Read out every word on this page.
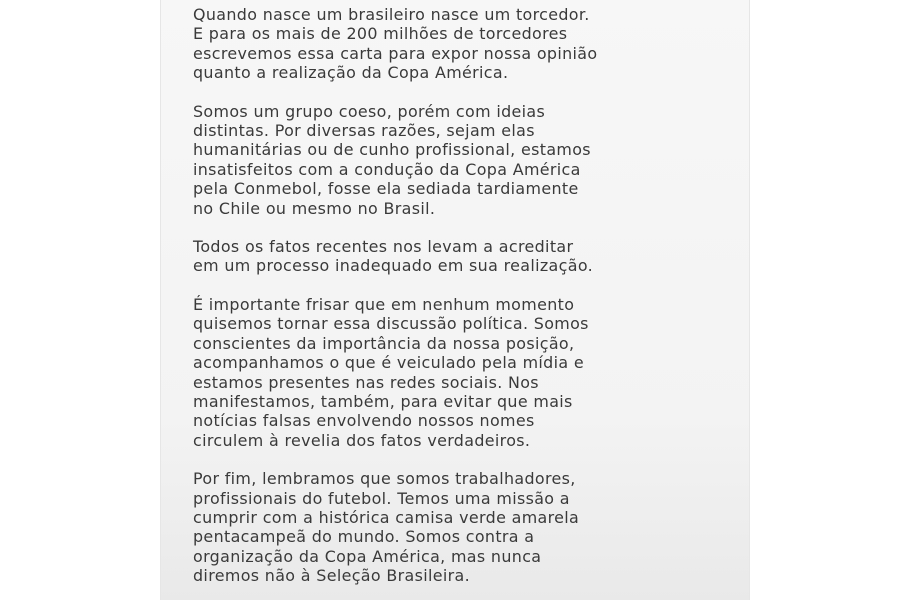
Quando nasce um brasileiro nasce um torcedor.
E para os mais de 200 milhões de torcedores
escrevemos essa carta para expor nossa opinião
quanto a realização da Copa América.

Somos um grupo coeso, porém com ideias
distintas. Por diversas razões, sejam elas
humanitárias ou de cunho profissional, estamos
insatisfeitos com a condução da Copa América
pela Conmebol, fosse ela sediada tardiamente
no Chile ou mesmo no Brasil.

Todos os fatos recentes nos levam a acreditar
em um processo inadequado em sua realização.

É importante frisar que em nenhum momento
quisemos tornar essa discussão política. Somos
conscientes da importância da nossa posição,
acompanhamos o que é veiculado pela mídia e
estamos presentes nas redes sociais. Nos
manifestamos, também, para evitar que mais
notícias falsas envolvendo nossos nomes
circulem à revelia dos fatos verdadeiros.

Por fim, lembramos que somos trabalhadores,
profissionais do futebol. Temos uma missão a
cumprir com a histórica camisa verde amarela
pentacampeã do mundo. Somos contra a
organização da Copa América, mas nunca
diremos não à Seleção Brasileira.
